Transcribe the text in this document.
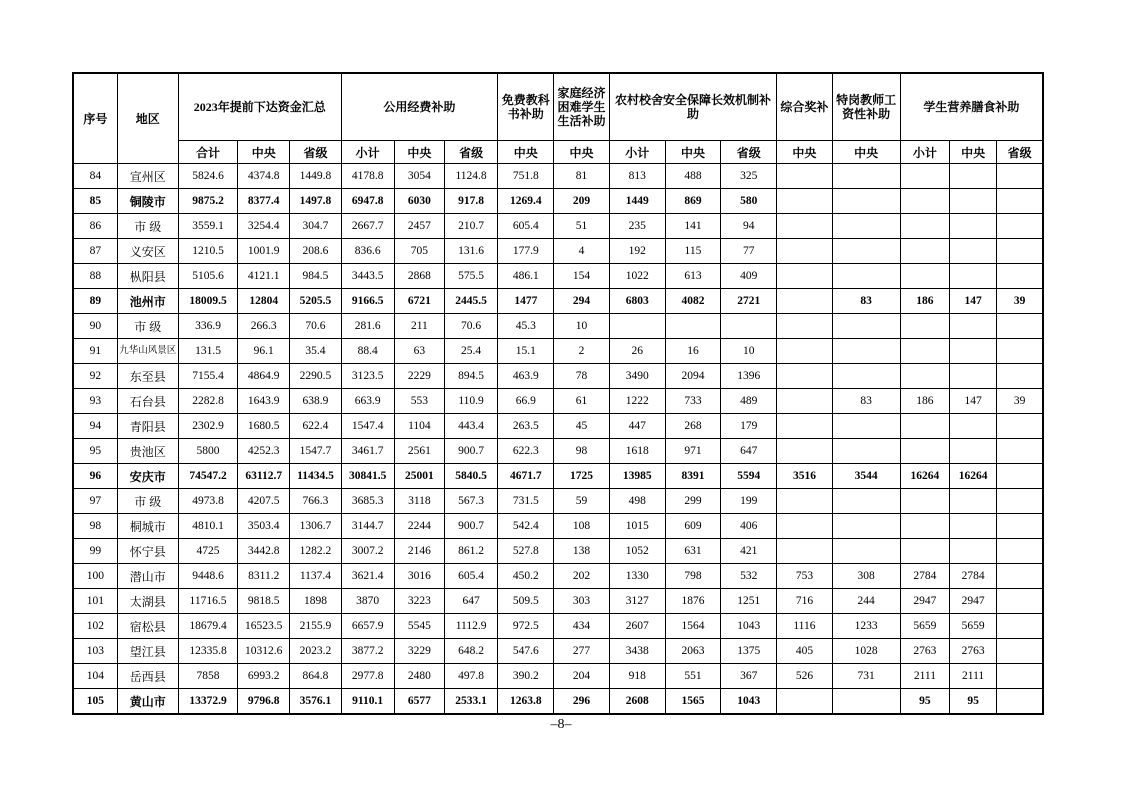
序号	地区	2023年提前下达资金汇总			公用经费补助			免费教科书补助	家庭经济困难学生生活补助	农村校舍安全保障长效机制补助			综合奖补	特岗教师工资性补助	学生营养膳食补助		
		合计	中央	省级	小计	中央	省级	中央	中央	小计	中央	省级	中央	中央	小计	中央	省级
84	宣州区	5824.6	4374.8	1449.8	4178.8	3054	1124.8	751.8	81	813	488	325					
85	铜陵市	9875.2	8377.4	1497.8	6947.8	6030	917.8	1269.4	209	1449	869	580					
86	市 级	3559.1	3254.4	304.7	2667.7	2457	210.7	605.4	51	235	141	94					
87	义安区	1210.5	1001.9	208.6	836.6	705	131.6	177.9	4	192	115	77					
88	枞阳县	5105.6	4121.1	984.5	3443.5	2868	575.5	486.1	154	1022	613	409					
89	池州市	18009.5	12804	5205.5	9166.5	6721	2445.5	1477	294	6803	4082	2721		83	186	147	39
90	市 级	336.9	266.3	70.6	281.6	211	70.6	45.3	10								
91	九华山风景区	131.5	96.1	35.4	88.4	63	25.4	15.1	2	26	16	10					
92	东至县	7155.4	4864.9	2290.5	3123.5	2229	894.5	463.9	78	3490	2094	1396					
93	石台县	2282.8	1643.9	638.9	663.9	553	110.9	66.9	61	1222	733	489		83	186	147	39
94	青阳县	2302.9	1680.5	622.4	1547.4	1104	443.4	263.5	45	447	268	179					
95	贵池区	5800	4252.3	1547.7	3461.7	2561	900.7	622.3	98	1618	971	647					
96	安庆市	74547.2	63112.7	11434.5	30841.5	25001	5840.5	4671.7	1725	13985	8391	5594	3516	3544	16264	16264	
97	市 级	4973.8	4207.5	766.3	3685.3	3118	567.3	731.5	59	498	299	199					
98	桐城市	4810.1	3503.4	1306.7	3144.7	2244	900.7	542.4	108	1015	609	406					
99	怀宁县	4725	3442.8	1282.2	3007.2	2146	861.2	527.8	138	1052	631	421					
100	潜山市	9448.6	8311.2	1137.4	3621.4	3016	605.4	450.2	202	1330	798	532	753	308	2784	2784	
101	太湖县	11716.5	9818.5	1898	3870	3223	647	509.5	303	3127	1876	1251	716	244	2947	2947	
102	宿松县	18679.4	16523.5	2155.9	6657.9	5545	1112.9	972.5	434	2607	1564	1043	1116	1233	5659	5659	
103	望江县	12335.8	10312.6	2023.2	3877.2	3229	648.2	547.6	277	3438	2063	1375	405	1028	2763	2763	
104	岳西县	7858	6993.2	864.8	2977.8	2480	497.8	390.2	204	918	551	367	526	731	2111	2111	
105	黄山市	13372.9	9796.8	3576.1	9110.1	6577	2533.1	1263.8	296	2608	1565	1043			95	95	
–8–
